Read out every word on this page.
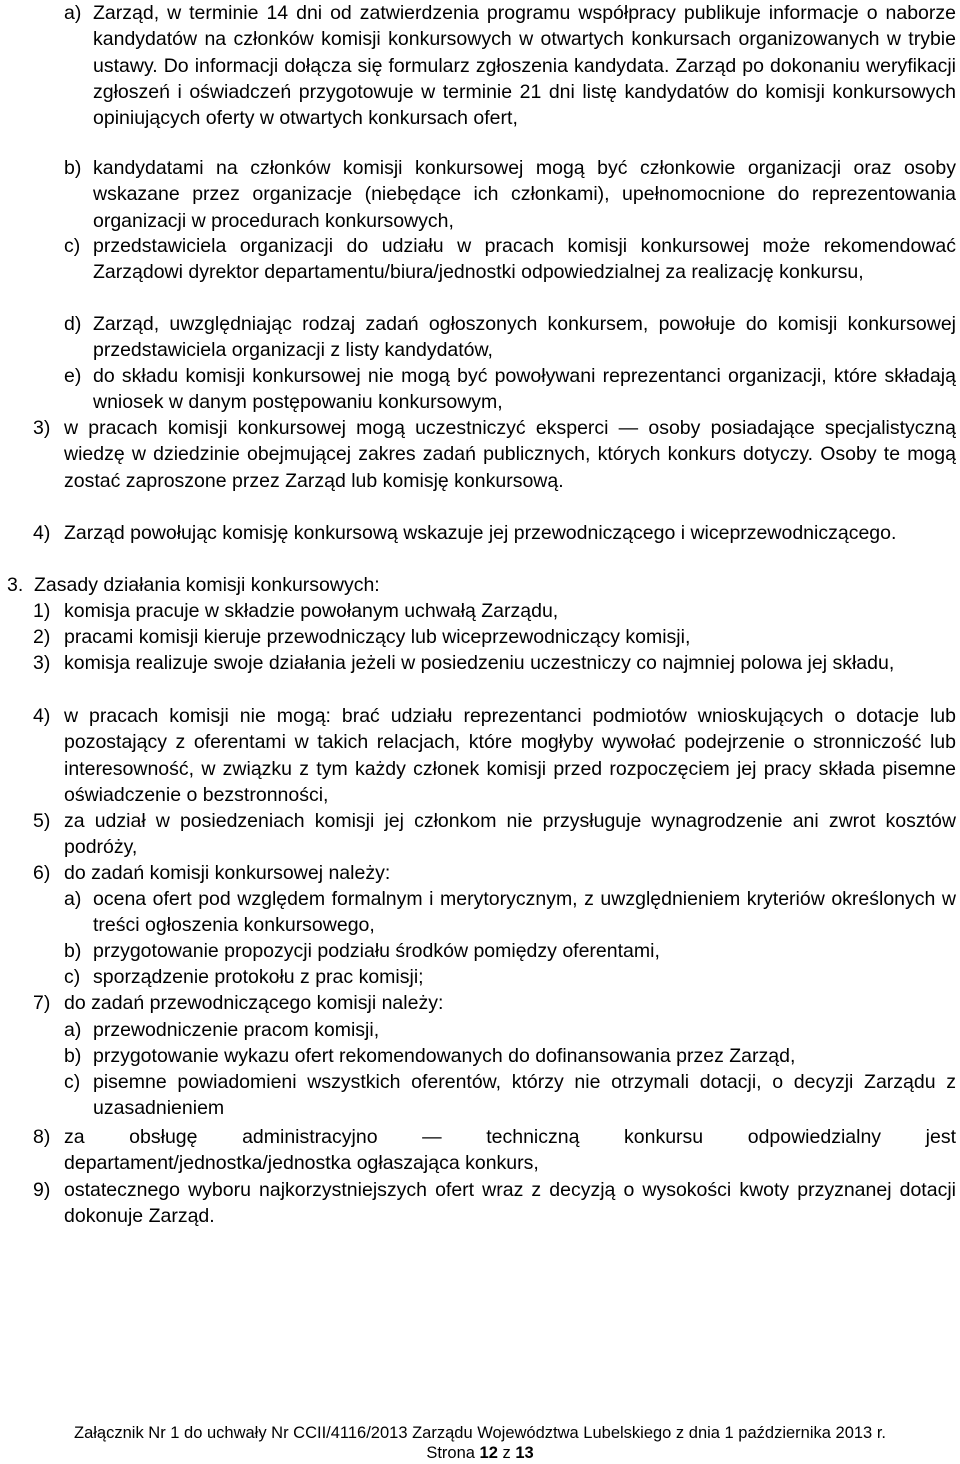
a) Zarząd, w terminie 14 dni od zatwierdzenia programu współpracy publikuje informacje o naborze kandydatów na członków komisji konkursowych w otwartych konkursach organizowanych w trybie ustawy. Do informacji dołącza się formularz zgłoszenia kandydata. Zarząd po dokonaniu weryfikacji zgłoszeń i oświadczeń przygotowuje w terminie 21 dni listę kandydatów do komisji konkursowych opiniujących oferty w otwartych konkursach ofert,
b) kandydatami na członków komisji konkursowej mogą być członkowie organizacji oraz osoby wskazane przez organizacje (niebędące ich członkami), upełnomocnione do reprezentowania organizacji w procedurach konkursowych,
c) przedstawiciela organizacji do udziału w pracach komisji konkursowej może rekomendować Zarządowi dyrektor departamentu/biura/jednostki odpowiedzialnej za realizację konkursu,
d) Zarząd, uwzględniając rodzaj zadań ogłoszonych konkursem, powołuje do komisji konkursowej przedstawiciela organizacji z listy kandydatów,
e) do składu komisji konkursowej nie mogą być powoływani reprezentanci organizacji, które składają wniosek w danym postępowaniu konkursowym,
3) w pracach komisji konkursowej mogą uczestniczyć eksperci — osoby posiadające specjalistyczną wiedzę w dziedzinie obejmującej zakres zadań publicznych, których konkurs dotyczy. Osoby te mogą zostać zaproszone przez Zarząd lub komisję konkursową.
4) Zarząd powołując komisję konkursową wskazuje jej przewodniczącego i wiceprzewodniczącego.
3. Zasady działania komisji konkursowych:
1) komisja pracuje w składzie powołanym uchwałą Zarządu,
2) pracami komisji kieruje przewodniczący lub wiceprzewodniczący komisji,
3) komisja realizuje swoje działania jeżeli w posiedzeniu uczestniczy co najmniej polowa jej składu,
4) w pracach komisji nie mogą: brać udziału reprezentanci podmiotów wnioskujących o dotacje lub pozostający z oferentami w takich relacjach, które mogłyby wywołać podejrzenie o stronniczość lub interesowność, w związku z tym każdy członek komisji przed rozpoczęciem jej pracy składa pisemne oświadczenie o bezstronności,
5) za udział w posiedzeniach komisji jej członkom nie przysługuje wynagrodzenie ani zwrot kosztów podróży,
6) do zadań komisji konkursowej należy:
a) ocena ofert pod względem formalnym i merytorycznym, z uwzględnieniem kryteriów określonych w treści ogłoszenia konkursowego,
b) przygotowanie propozycji podziału środków pomiędzy oferentami,
c) sporządzenie protokołu z prac komisji;
7) do zadań przewodniczącego komisji należy:
a) przewodniczenie pracom komisji,
b) przygotowanie wykazu ofert rekomendowanych do dofinansowania przez Zarząd,
c) pisemne powiadomieni wszystkich oferentów, którzy nie otrzymali dotacji, o decyzji Zarządu z uzasadnieniem
8) za obsługę administracyjno — techniczną konkursu odpowiedzialny jest departament/jednostka/jednostka ogłaszająca konkurs,
9) ostatecznego wyboru najkorzystniejszych ofert wraz z decyzją o wysokości kwoty przyznanej dotacji dokonuje Zarząd.
Załącznik Nr 1 do uchwały Nr CCII/4116/2013 Zarządu Województwa Lubelskiego z dnia 1 października 2013 r.
Strona 12 z 13
